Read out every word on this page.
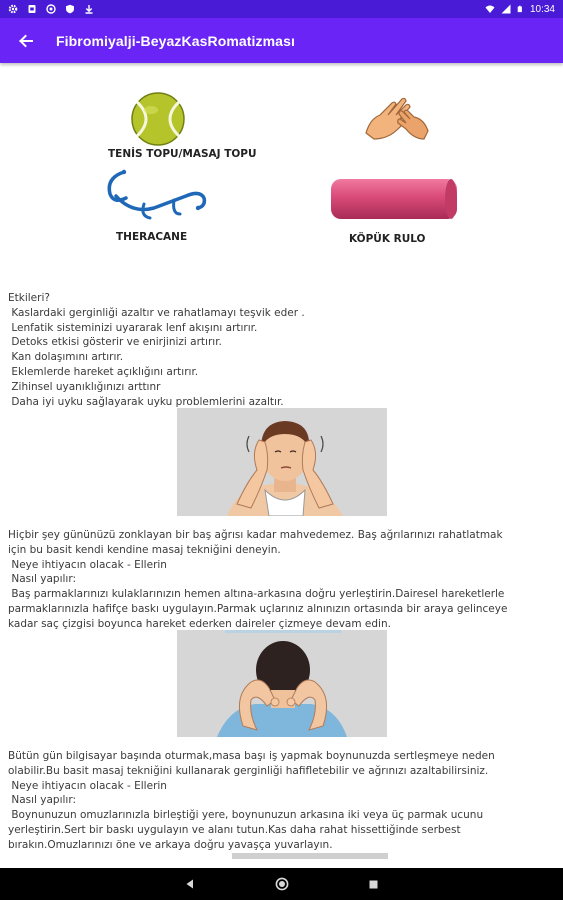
10:34
Fibromiyalji-BeyazKasRomatizması
TENİS TOPU/MASAJ TOPU
THERACANE	KÖPÜK RULO

Etkileri?

Kaslardaki gerginliği azaltır ve rahatlamayı teşvik eder .

Lenfatik sisteminizi uyararak lenf akışını artırır.

Detoks etkisi gösterir ve enirjinizi artırır.

Kan dolaşımını artırır.

Eklemlerde hareket açıklığını artırır.

Zihinsel uyanıklığınızı arttınr

Daha iyi uyku sağlayarak uyku problemlerini azaltır.

Hiçbir şey gününüzü zonklayan bir baş ağrısı kadar mahvedemez. Baş ağrılarınızı rahatlatmak

için bu basit kendi kendine masaj tekniğini deneyin.

Neye ihtiyacın olacak - Ellerin

Nasıl yapılır:

Baş parmaklarınızı kulaklarınızın hemen altına-arkasına doğru yerleştirin.Dairesel hareketlerle

parmaklarınızla hafifçe baskı uygulayın.Parmak uçlarınız alnınızın ortasında bir araya gelinceye

kadar saç çizgisi boyunca hareket ederken daireler çizmeye devam edin.

Bütün gün bilgisayar başında oturmak,masa başı iş yapmak boynunuzda sertleşmeye neden

olabilir.Bu basit masaj tekniğini kullanarak gerginliği hafifletebilir ve ağrınızı azaltabilirsiniz.

Neye ihtiyacın olacak - Ellerin

Nasıl yapılır:

Boynunuzun omuzlarınızla birleştiği yere, boynunuzun arkasına iki veya üç parmak ucunu

yerleştirin.Sert bir baskı uygulayın ve alanı tutun.Kas daha rahat hissettiğinde serbest

bırakın.Omuzlarınızı öne ve arkaya doğru yavaşça yuvarlayın.
